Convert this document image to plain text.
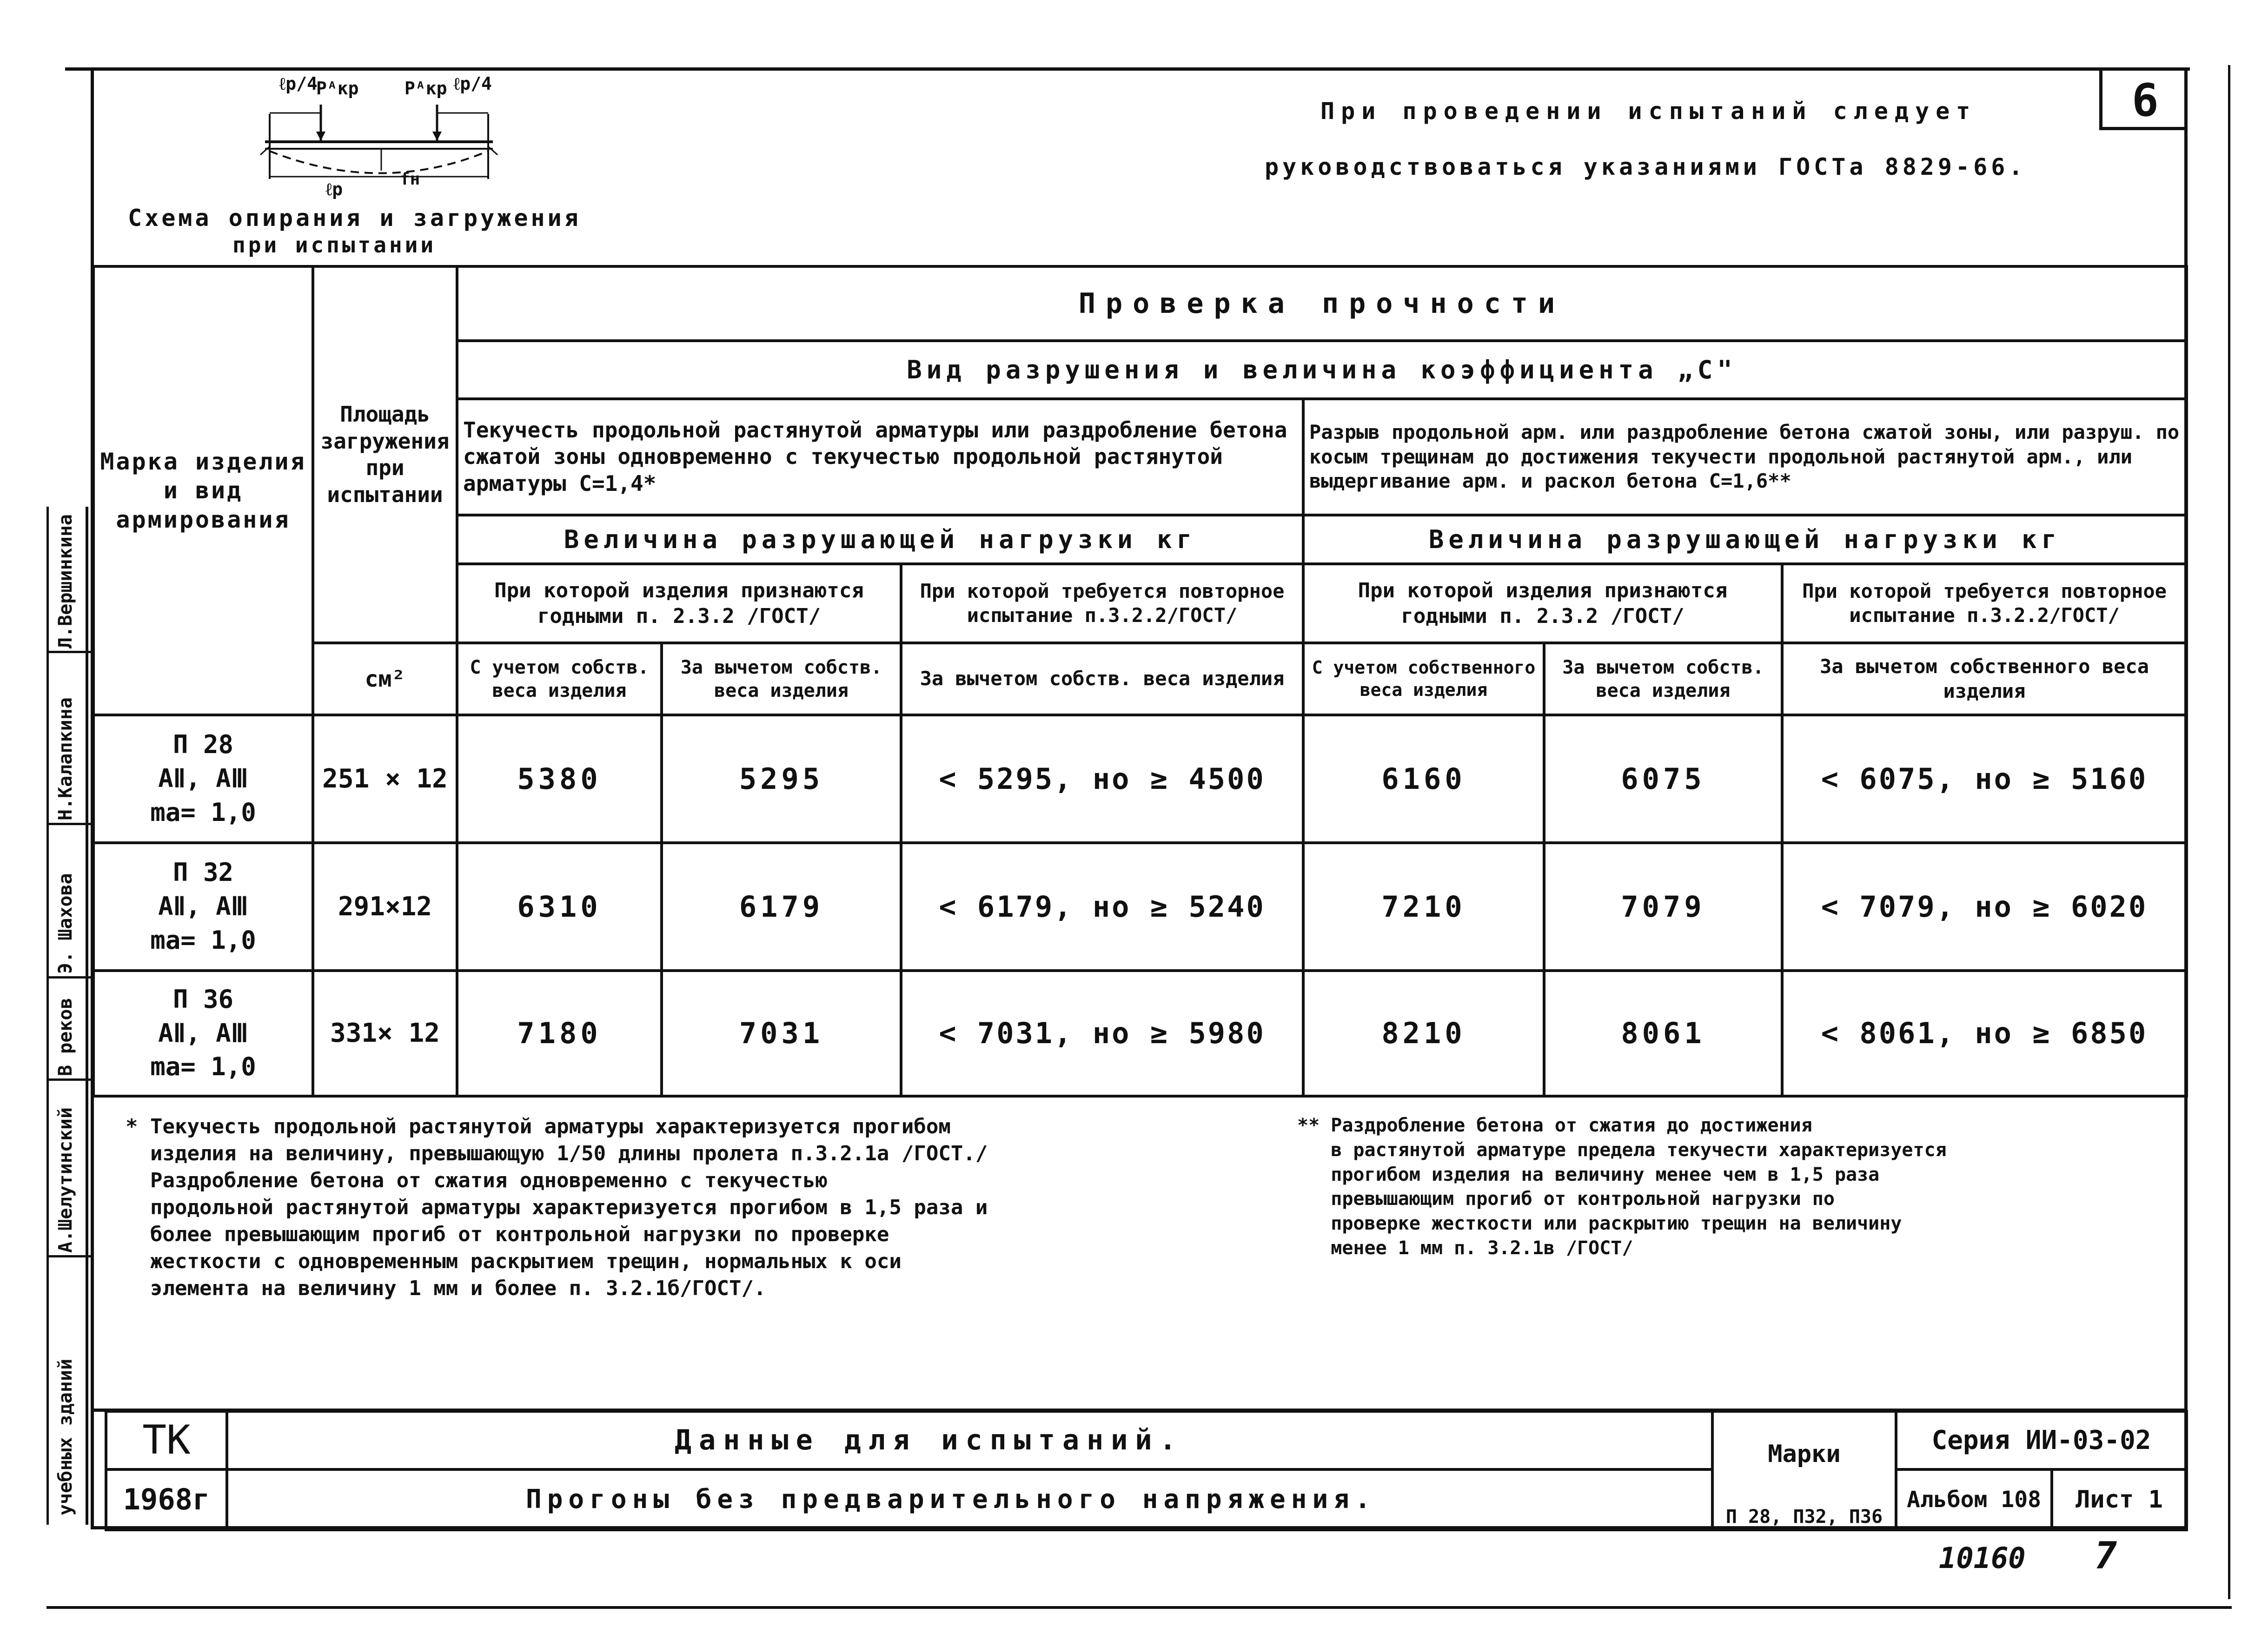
6
ℓр/4
Рᴬкр	Рᴬкр ℓр/4
ℓр	fн
Схема опирания и загружения
при испытании
При проведении испытаний следует
руководствоваться указаниями ГОСТа 8829-66.
Марка изделия и вид армирования	Площадь загружения при испытании	Проверка прочности					
		Вид разрушения и величина коэффициента „С"					
		Текучесть продольной растянутой арматуры или раздробление бетона сжатой зоны одновременно с текучестью продольной растянутой арматуры С=1,4*			Разрыв продольной арм. или раздробление бетона сжатой зоны, или разруш. по косым трещинам до достижения текучести продольной растянутой арм., или выдергивание арм. и раскол бетона С=1,6**		
		Величина разрушающей нагрузки кг			Величина разрушающей нагрузки кг		
		При которой изделия признаются годными п. 2.3.2 /ГОСТ/		При которой требуется повторное испытание п.3.2.2/ГОСТ/	При которой изделия признаются годными п. 2.3.2 /ГОСТ/		При которой требуется повторное испытание п.3.2.2/ГОСТ/
	см²	С учетом собств. веса изделия	За вычетом собств. веса изделия	За вычетом собств. веса изделия	С учетом собственного веса изделия	За вычетом собств. веса изделия	За вычетом собственного веса изделия

П 28
АⅡ, АⅢ
ma= 1,0	251 × 12	5380	5295	< 5295, но ≥ 4500	6160	6075	< 6075, но ≥ 5160

П 32
АⅡ, АⅢ
ma= 1,0	291×12	6310	6179	< 6179, но ≥ 5240	7210	7079	< 7079, но ≥ 6020

П 36
АⅡ, АⅢ
ma= 1,0	331× 12	7180	7031	< 7031, но ≥ 5980	8210	8061	< 8061, но ≥ 6850
* Текучесть продольной растянутой арматуры характеризуется прогибом
изделия на величину, превышающую 1/50 длины пролета п.3.2.1а /ГОСТ./
Раздробление бетона от сжатия одновременно с текучестью
продольной растянутой арматуры характеризуется прогибом в 1,5 раза и
более превышающим прогиб от контрольной нагрузки по проверке
жесткости с одновременным раскрытием трещин, нормальных к оси
элемента на величину 1 мм и более п. 3.2.1б/ГОСТ/.
** Раздробление бетона от сжатия до достижения
в растянутой арматуре предела текучести характеризуется
прогибом изделия на величину менее чем в 1,5 раза
превышающим прогиб от контрольной нагрузки по
проверке жесткости или раскрытию трещин на величину
менее 1 мм п. 3.2.1в /ГОСТ/
ТК	Данные для испытаний.	Марки	Серия ИИ-03-02	
1968г	Прогоны без предварительного напряжения.	П 28, П32, П36	Альбом 108	Лист 1
10160 7
Л.Вершинкина
Н.Калапкина
Э. Шахова
В реков
А.Шелутинский
учебных зданий
